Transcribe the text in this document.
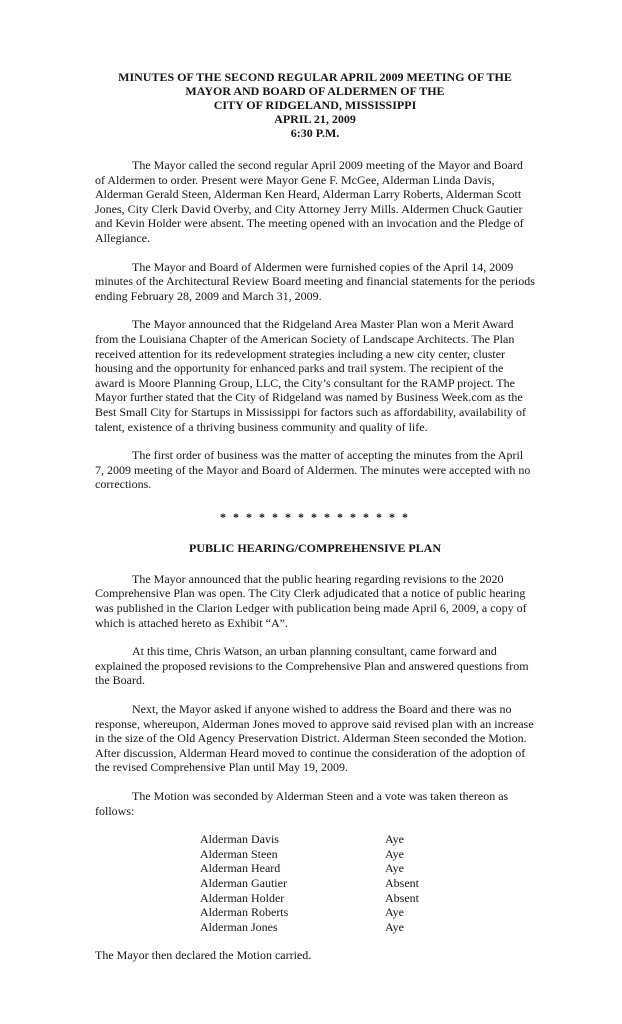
MINUTES OF THE SECOND REGULAR APRIL 2009 MEETING OF THE
MAYOR AND BOARD OF ALDERMEN OF THE
CITY OF RIDGELAND, MISSISSIPPI
APRIL 21, 2009
6:30 P.M.

The Mayor called the second regular April 2009 meeting of the Mayor and Board of Aldermen to order. Present were Mayor Gene F. McGee, Alderman Linda Davis, Alderman Gerald Steen, Alderman Ken Heard, Alderman Larry Roberts, Alderman Scott Jones, City Clerk David Overby, and City Attorney Jerry Mills. Aldermen Chuck Gautier and Kevin Holder were absent. The meeting opened with an invocation and the Pledge of Allegiance.

The Mayor and Board of Aldermen were furnished copies of the April 14, 2009 minutes of the Architectural Review Board meeting and financial statements for the periods ending February 28, 2009 and March 31, 2009.

The Mayor announced that the Ridgeland Area Master Plan won a Merit Award from the Louisiana Chapter of the American Society of Landscape Architects. The Plan received attention for its redevelopment strategies including a new city center, cluster housing and the opportunity for enhanced parks and trail system. The recipient of the award is Moore Planning Group, LLC, the City’s consultant for the RAMP project. The Mayor further stated that the City of Ridgeland was named by Business Week.com as the Best Small City for Startups in Mississippi for factors such as affordability, availability of talent, existence of a thriving business community and quality of life.

The first order of business was the matter of accepting the minutes from the April 7, 2009 meeting of the Mayor and Board of Aldermen. The minutes were accepted with no corrections.

* * * * * * * * * * * * * * *
PUBLIC HEARING/COMPREHENSIVE PLAN

The Mayor announced that the public hearing regarding revisions to the 2020 Comprehensive Plan was open. The City Clerk adjudicated that a notice of public hearing was published in the Clarion Ledger with publication being made April 6, 2009, a copy of which is attached hereto as Exhibit “A”.

At this time, Chris Watson, an urban planning consultant, came forward and explained the proposed revisions to the Comprehensive Plan and answered questions from the Board.

Next, the Mayor asked if anyone wished to address the Board and there was no response, whereupon, Alderman Jones moved to approve said revised plan with an increase in the size of the Old Agency Preservation District. Alderman Steen seconded the Motion. After discussion, Alderman Heard moved to continue the consideration of the adoption of the revised Comprehensive Plan until May 19, 2009.

The Motion was seconded by Alderman Steen and a vote was taken thereon as follows:

Alderman Davis	Aye
Alderman Steen	Aye
Alderman Heard	Aye
Alderman Gautier	Absent
Alderman Holder	Absent
Alderman Roberts	Aye
Alderman Jones	Aye

The Mayor then declared the Motion carried.
